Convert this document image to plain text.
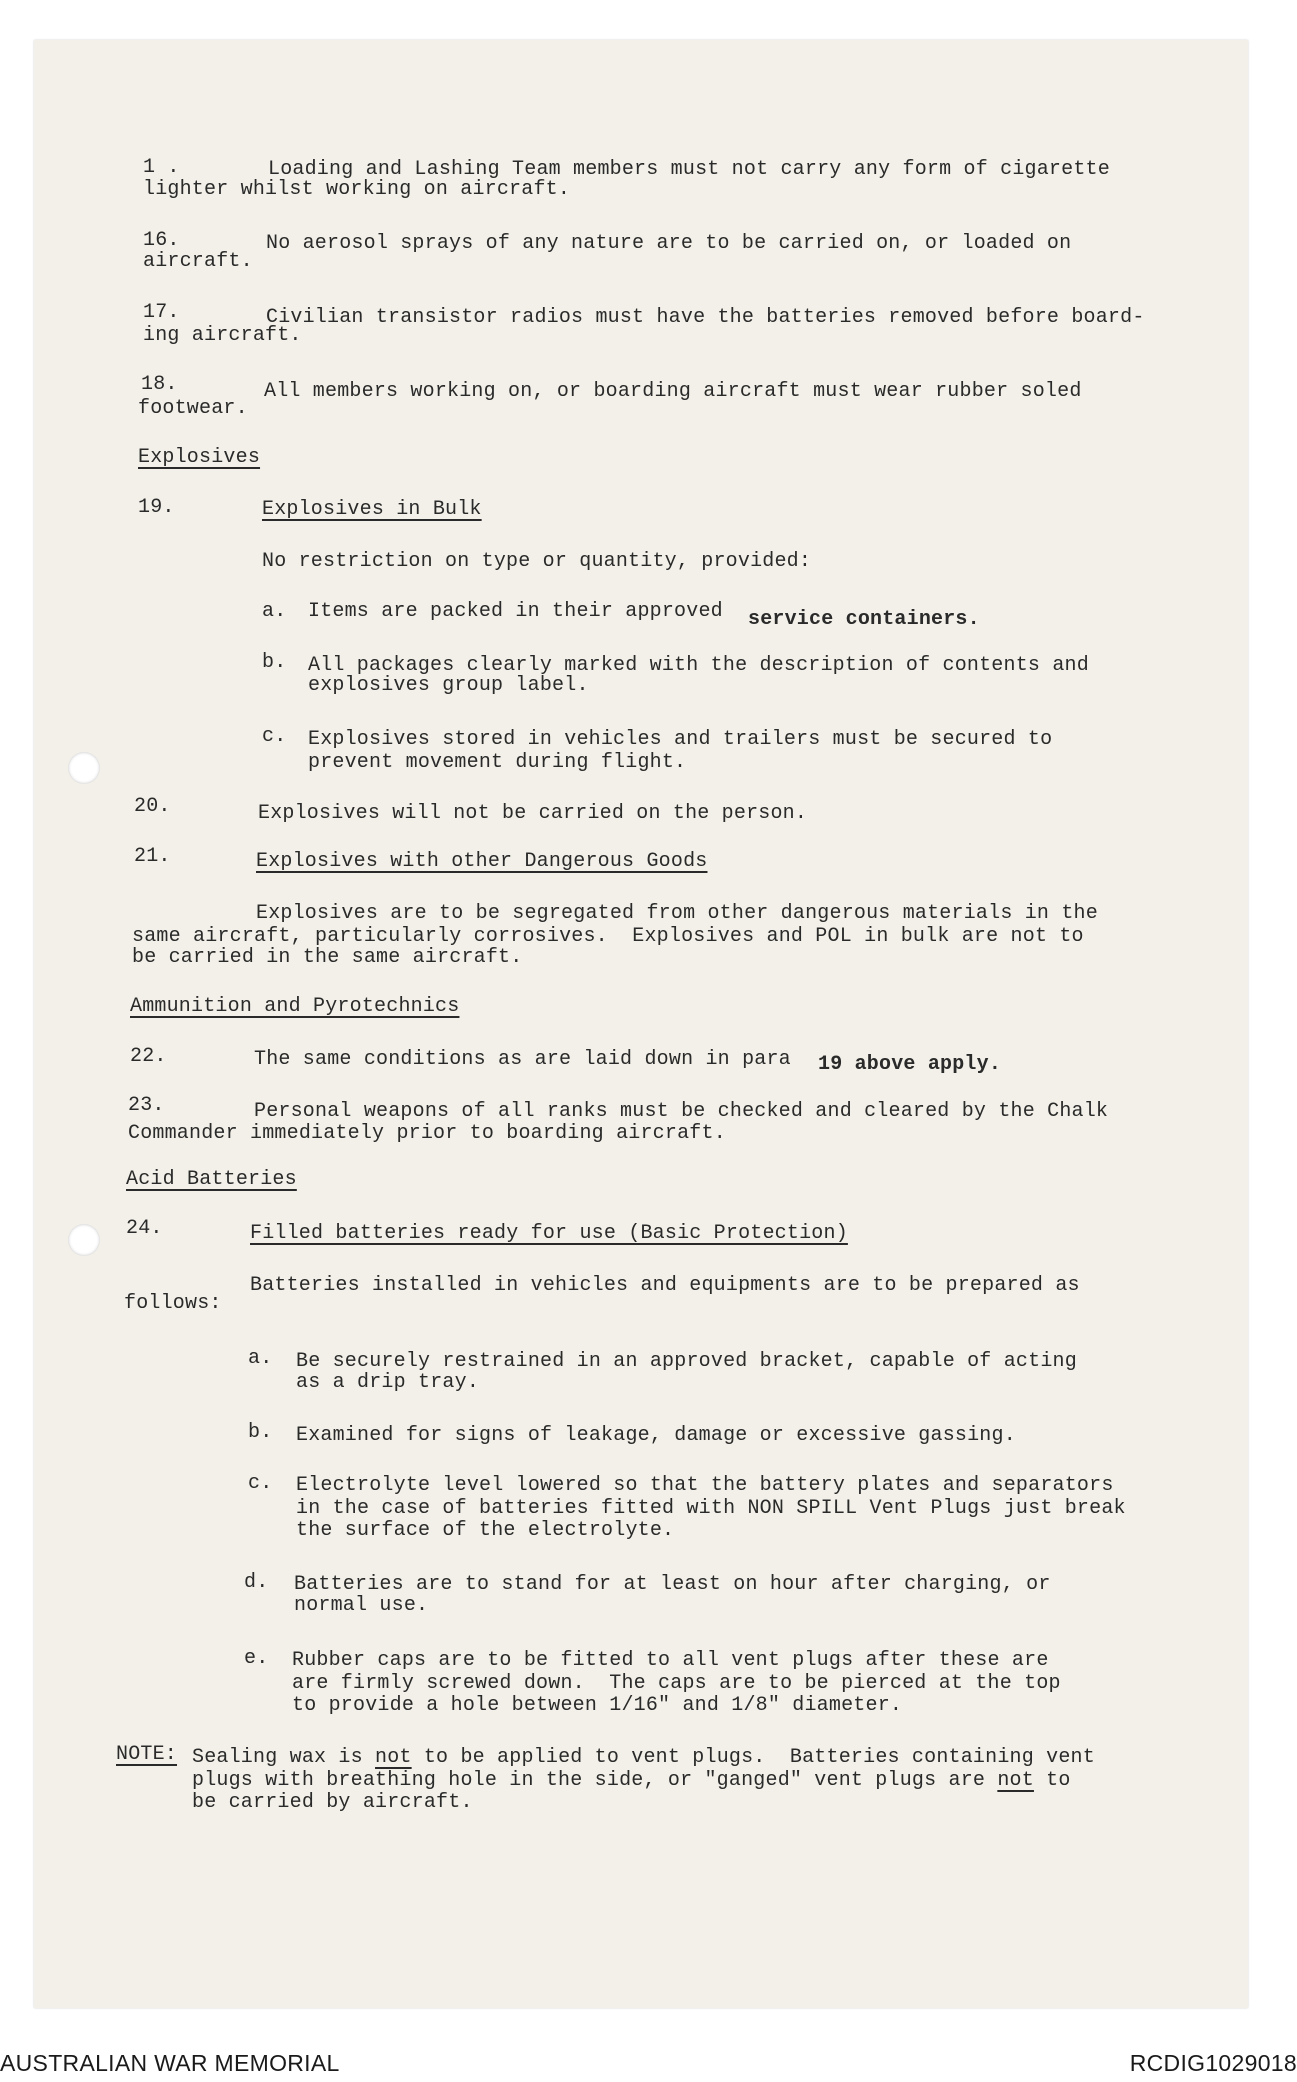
1 .	Loading and Lashing Team members must not carry any form of cigarette
lighter whilst working on aircraft.
16.	No aerosol sprays of any nature are to be carried on, or loaded on
aircraft.
17.	Civilian transistor radios must have the batteries removed before board-
ing aircraft.
18.	All members working on, or boarding aircraft must wear rubber soled
footwear.
Explosives
19.	Explosives in Bulk
No restriction on type or quantity, provided:
a. Items are packed in their approved service containers.
b. All packages clearly marked with the description of contents and
explosives group label.
c. Explosives stored in vehicles and trailers must be secured to
prevent movement during flight.
20.	Explosives will not be carried on the person.
21.	Explosives with other Dangerous Goods
Explosives are to be segregated from other dangerous materials in the
same aircraft, particularly corrosives.  Explosives and POL in bulk are not to
be carried in the same aircraft.
Ammunition and Pyrotechnics
22.	The same conditions as are laid down in para 19 above apply.
23.	Personal weapons of all ranks must be checked and cleared by the Chalk
Commander immediately prior to boarding aircraft.
Acid Batteries
24.	Filled batteries ready for use (Basic Protection)
Batteries installed in vehicles and equipments are to be prepared as
follows:
a. Be securely restrained in an approved bracket, capable of acting
as a drip tray.
b. Examined for signs of leakage, damage or excessive gassing.
c. Electrolyte level lowered so that the battery plates and separators
in the case of batteries fitted with NON SPILL Vent Plugs just break
the surface of the electrolyte.
d. Batteries are to stand for at least on hour after charging, or
normal use.
e. Rubber caps are to be fitted to all vent plugs after these are
are firmly screwed down.  The caps are to be pierced at the top
to provide a hole between 1/16" and 1/8" diameter.
NOTE: Sealing wax is not to be applied to vent plugs.  Batteries containing vent
plugs with breathing hole in the side, or "ganged" vent plugs are not to
be carried by aircraft.
AUSTRALIAN WAR MEMORIAL	RCDIG1029018
